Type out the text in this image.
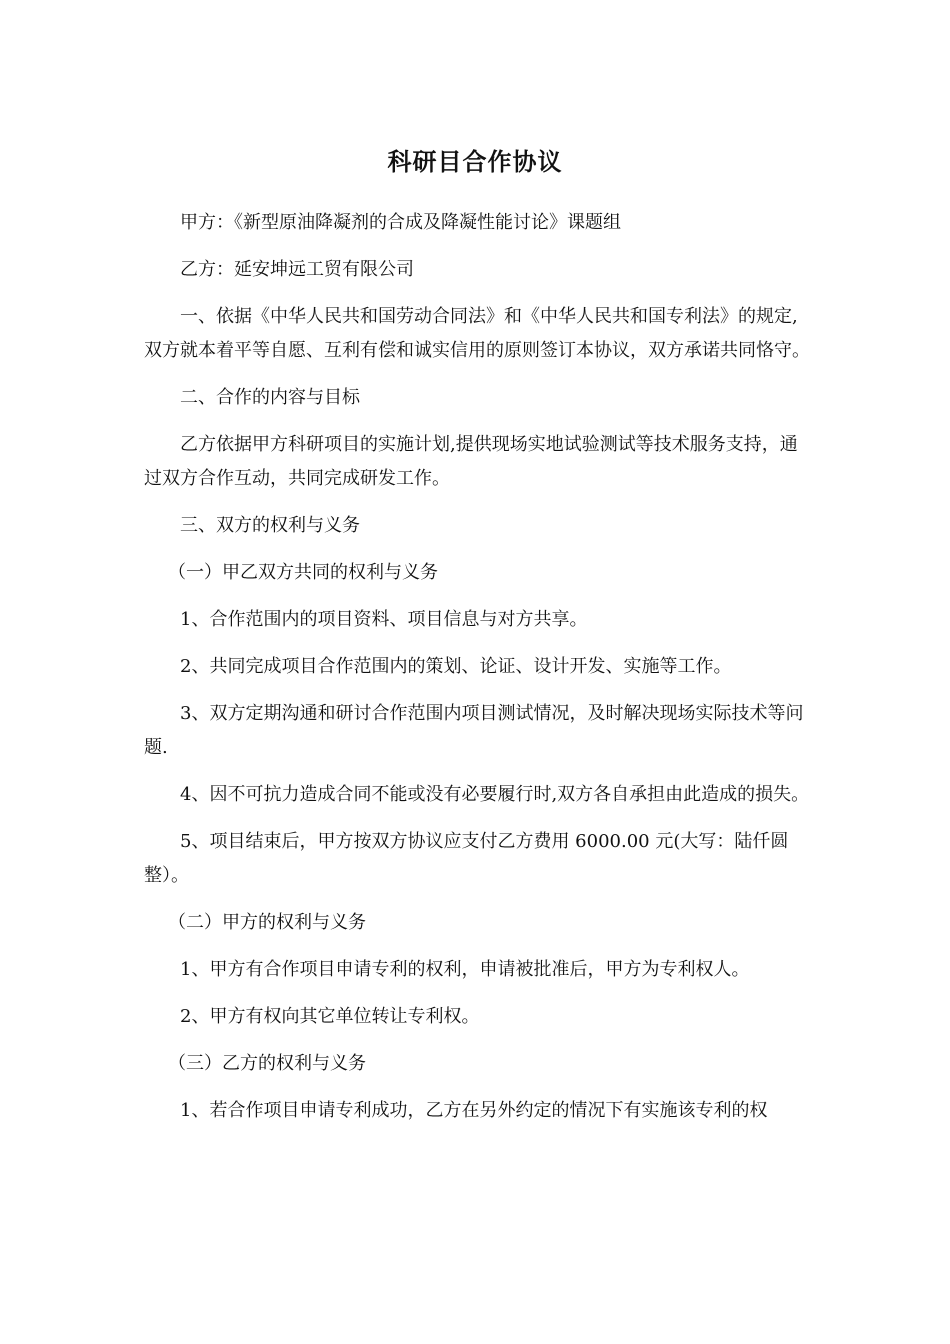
科研目合作协议

甲方：《新型原油降凝剂的合成及降凝性能讨论》课题组

乙方：延安坤远工贸有限公司

一、依据《中华人民共和国劳动合同法》和《中华人民共和国专利法》的规定,双方就本着平等自愿、互利有偿和诚实信用的原则签订本协议，双方承诺共同恪守。

二、合作的内容与目标

乙方依据甲方科研项目的实施计划,提供现场实地试验测试等技术服务支持，通过双方合作互动，共同完成研发工作。

三、双方的权利与义务

（一）甲乙双方共同的权利与义务

1、合作范围内的项目资料、项目信息与对方共享。

2、共同完成项目合作范围内的策划、论证、设计开发、实施等工作。

3、双方定期沟通和研讨合作范围内项目测试情况，及时解决现场实际技术等问题.

4、因不可抗力造成合同不能或没有必要履行时,双方各自承担由此造成的损失。

5、项目结束后，甲方按双方协议应支付乙方费用 6000.00 元(大写：陆仟圆整）。

（二）甲方的权利与义务

1、甲方有合作项目申请专利的权利，申请被批准后，甲方为专利权人。

2、甲方有权向其它单位转让专利权。

（三）乙方的权利与义务

1、若合作项目申请专利成功，乙方在另外约定的情况下有实施该专利的权
